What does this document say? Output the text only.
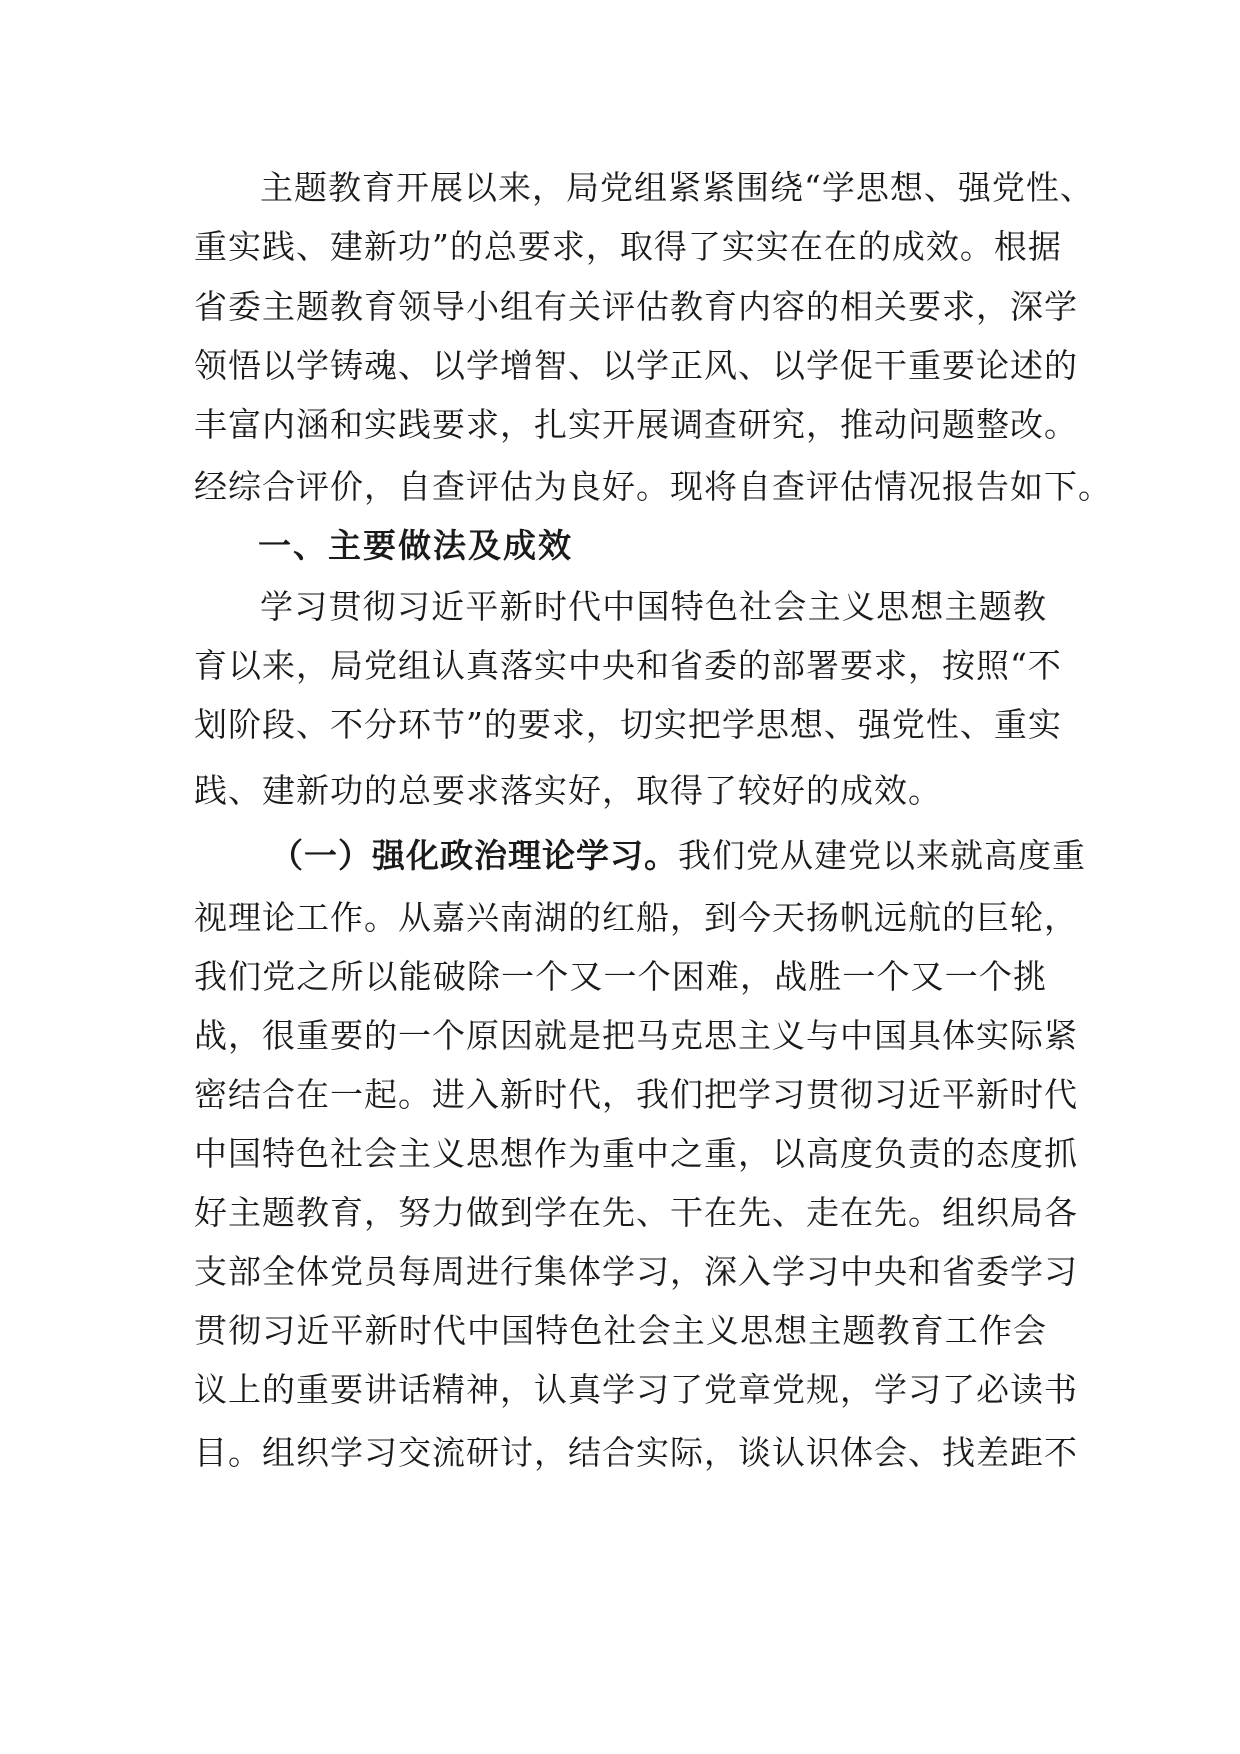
主题教育开展以来，局党组紧紧围绕“学思想、强党性、
重实践、建新功”的总要求，取得了实实在在的成效。根据
省委主题教育领导小组有关评估教育内容的相关要求，深学
领悟以学铸魂、以学增智、以学正风、以学促干重要论述的
丰富内涵和实践要求，扎实开展调查研究，推动问题整改。
经综合评价，自查评估为良好。现将自查评估情况报告如下。
一、主要做法及成效
学习贯彻习近平新时代中国特色社会主义思想主题教
育以来，局党组认真落实中央和省委的部署要求，按照“不
划阶段、不分环节”的要求，切实把学思想、强党性、重实
践、建新功的总要求落实好，取得了较好的成效。
（一）强化政治理论学习。 我们党从建党以来就高度重
视理论工作。从嘉兴南湖的红船，到今天扬帆远航的巨轮，
我们党之所以能破除一个又一个困难，战胜一个又一个挑
战，很重要的一个原因就是把马克思主义与中国具体实际紧
密结合在一起。进入新时代，我们把学习贯彻习近平新时代
中国特色社会主义思想作为重中之重，以高度负责的态度抓
好主题教育，努力做到学在先、干在先、走在先。组织局各
支部全体党员每周进行集体学习，深入学习中央和省委学习
贯彻习近平新时代中国特色社会主义思想主题教育工作会
议上的重要讲话精神，认真学习了党章党规，学习了必读书
目。组织学习交流研讨，结合实际，谈认识体会、找差距不
